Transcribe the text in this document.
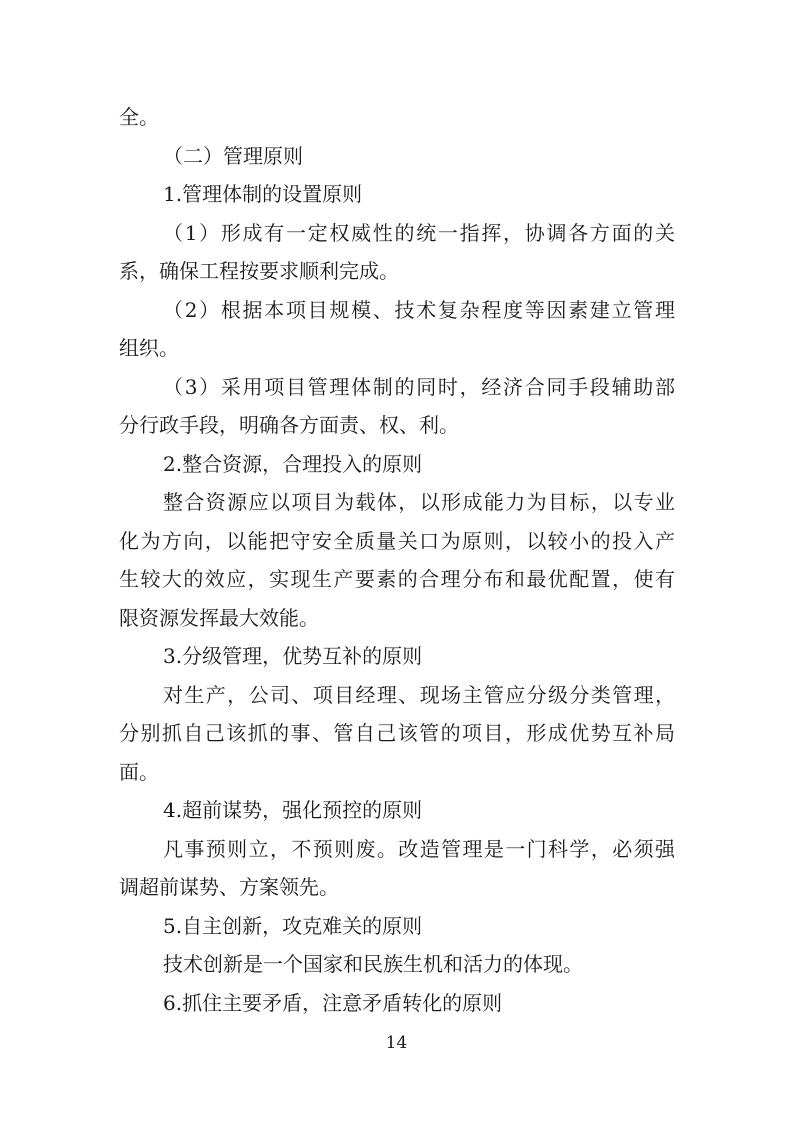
全。
（二）管理原则
1.管理体制的设置原则
（1）形成有一定权威性的统一指挥，协调各方面的关
系，确保工程按要求顺利完成。
（2）根据本项目规模、技术复杂程度等因素建立管理
组织。
（3）采用项目管理体制的同时，经济合同手段辅助部
分行政手段，明确各方面责、权、利。
2.整合资源，合理投入的原则
整合资源应以项目为载体，以形成能力为目标，以专业
化为方向，以能把守安全质量关口为原则，以较小的投入产
生较大的效应，实现生产要素的合理分布和最优配置，使有
限资源发挥最大效能。
3.分级管理，优势互补的原则
对生产，公司、项目经理、现场主管应分级分类管理，
分别抓自己该抓的事、管自己该管的项目，形成优势互补局
面。
4.超前谋势，强化预控的原则
凡事预则立，不预则废。改造管理是一门科学，必须强
调超前谋势、方案领先。
5.自主创新，攻克难关的原则
技术创新是一个国家和民族生机和活力的体现。
6.抓住主要矛盾，注意矛盾转化的原则
14
